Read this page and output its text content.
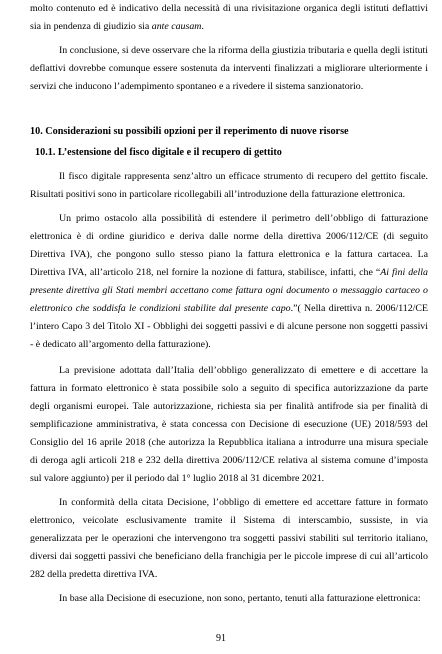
molto contenuto ed è indicativo della necessità di una rivisitazione organica degli istituti deflattivi sia in pendenza di giudizio sia ante causam.

In conclusione, si deve osservare che la riforma della giustizia tributaria e quella degli istituti deflattivi dovrebbe comunque essere sostenuta da interventi finalizzati a migliorare ulteriormente i servizi che inducono l’adempimento spontaneo e a rivedere il sistema sanzionatorio.

10. Considerazioni su possibili opzioni per il reperimento di nuove risorse

10.1. L’estensione del fisco digitale e il recupero di gettito

Il fisco digitale rappresenta senz’altro un efficace strumento di recupero del gettito fiscale. Risultati positivi sono in particolare ricollegabili all’introduzione della fatturazione elettronica.

Un primo ostacolo alla possibilità di estendere il perimetro dell’obbligo di fatturazione elettronica è di ordine giuridico e deriva dalle norme della direttiva 2006/112/CE (di seguito Direttiva IVA), che pongono sullo stesso piano la fattura elettronica e la fattura cartacea. La Direttiva IVA, all’articolo 218, nel fornire la nozione di fattura, stabilisce, infatti, che “Ai fini della presente direttiva gli Stati membri accettano come fattura ogni documento o messaggio cartaceo o elettronico che soddisfa le condizioni stabilite dal presente capo.”( Nella direttiva n. 2006/112/CE l’intero Capo 3 del Titolo XI - Obblighi dei soggetti passivi e di alcune persone non soggetti passivi - è dedicato all’argomento della fatturazione).

La previsione adottata dall’Italia dell’obbligo generalizzato di emettere e di accettare la fattura in formato elettronico è stata possibile solo a seguito di specifica autorizzazione da parte degli organismi europei. Tale autorizzazione, richiesta sia per finalità antifrode sia per finalità di semplificazione amministrativa, è stata concessa con Decisione di esecuzione (UE) 2018/593 del Consiglio del 16 aprile 2018 (che autorizza la Repubblica italiana a introdurre una misura speciale di deroga agli articoli 218 e 232 della direttiva 2006/112/CE relativa al sistema comune d’imposta sul valore aggiunto) per il periodo dal 1° luglio 2018 al 31 dicembre 2021.

In conformità della citata Decisione, l’obbligo di emettere ed accettare fatture in formato elettronico, veicolate esclusivamente tramite il Sistema di interscambio, sussiste, in via generalizzata per le operazioni che intervengono tra soggetti passivi stabiliti sul territorio italiano, diversi dai soggetti passivi che beneficiano della franchigia per le piccole imprese di cui all’articolo 282 della predetta direttiva IVA.

In base alla Decisione di esecuzione, non sono, pertanto, tenuti alla fatturazione elettronica:

91
